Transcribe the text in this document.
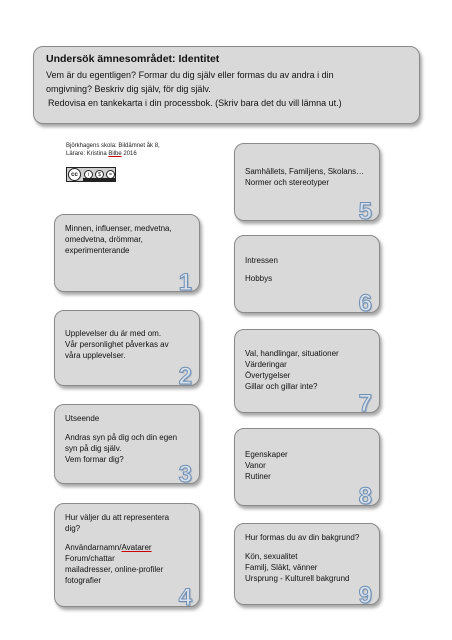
Undersök ämnesområdet: Identitet
Vem är du egentligen? Formar du dig själv eller formas du av andra i din
omgivning? Beskriv dig själv, för dig själv.
Redovisa en tankekarta i din processbok. (Skriv bara det du vill lämna ut.)
Björkhagens skola: Bildämnet åk 8,
Lärare: Kristina Bilbe 2016
cc	i	$	=
Minnen, influenser, medvetna,
omedvetna, drömmar,
experimenterande
1
Upplevelser du är med om.
Vår personlighet påverkas av
våra upplevelser.
2
Utseende
Andras syn på dig och din egen
syn på dig själv.
Vem formar dig?
3
Hur väljer du att representera
dig?
Användarnamn/Avatarer
Forum/chattar
mailadresser, online-profiler
fotografier
4
Samhällets, Familjens, Skolans…
Normer och stereotyper
5
Intressen
Hobbys
6
Val, handlingar, situationer
Värderingar
Övertygelser
Gillar och gillar inte?
7
Egenskaper
Vanor
Rutiner
8
Hur formas du av din bakgrund?
Kön, sexualitet
Familj, Släkt, vänner
Ursprung - Kulturell bakgrund
9
